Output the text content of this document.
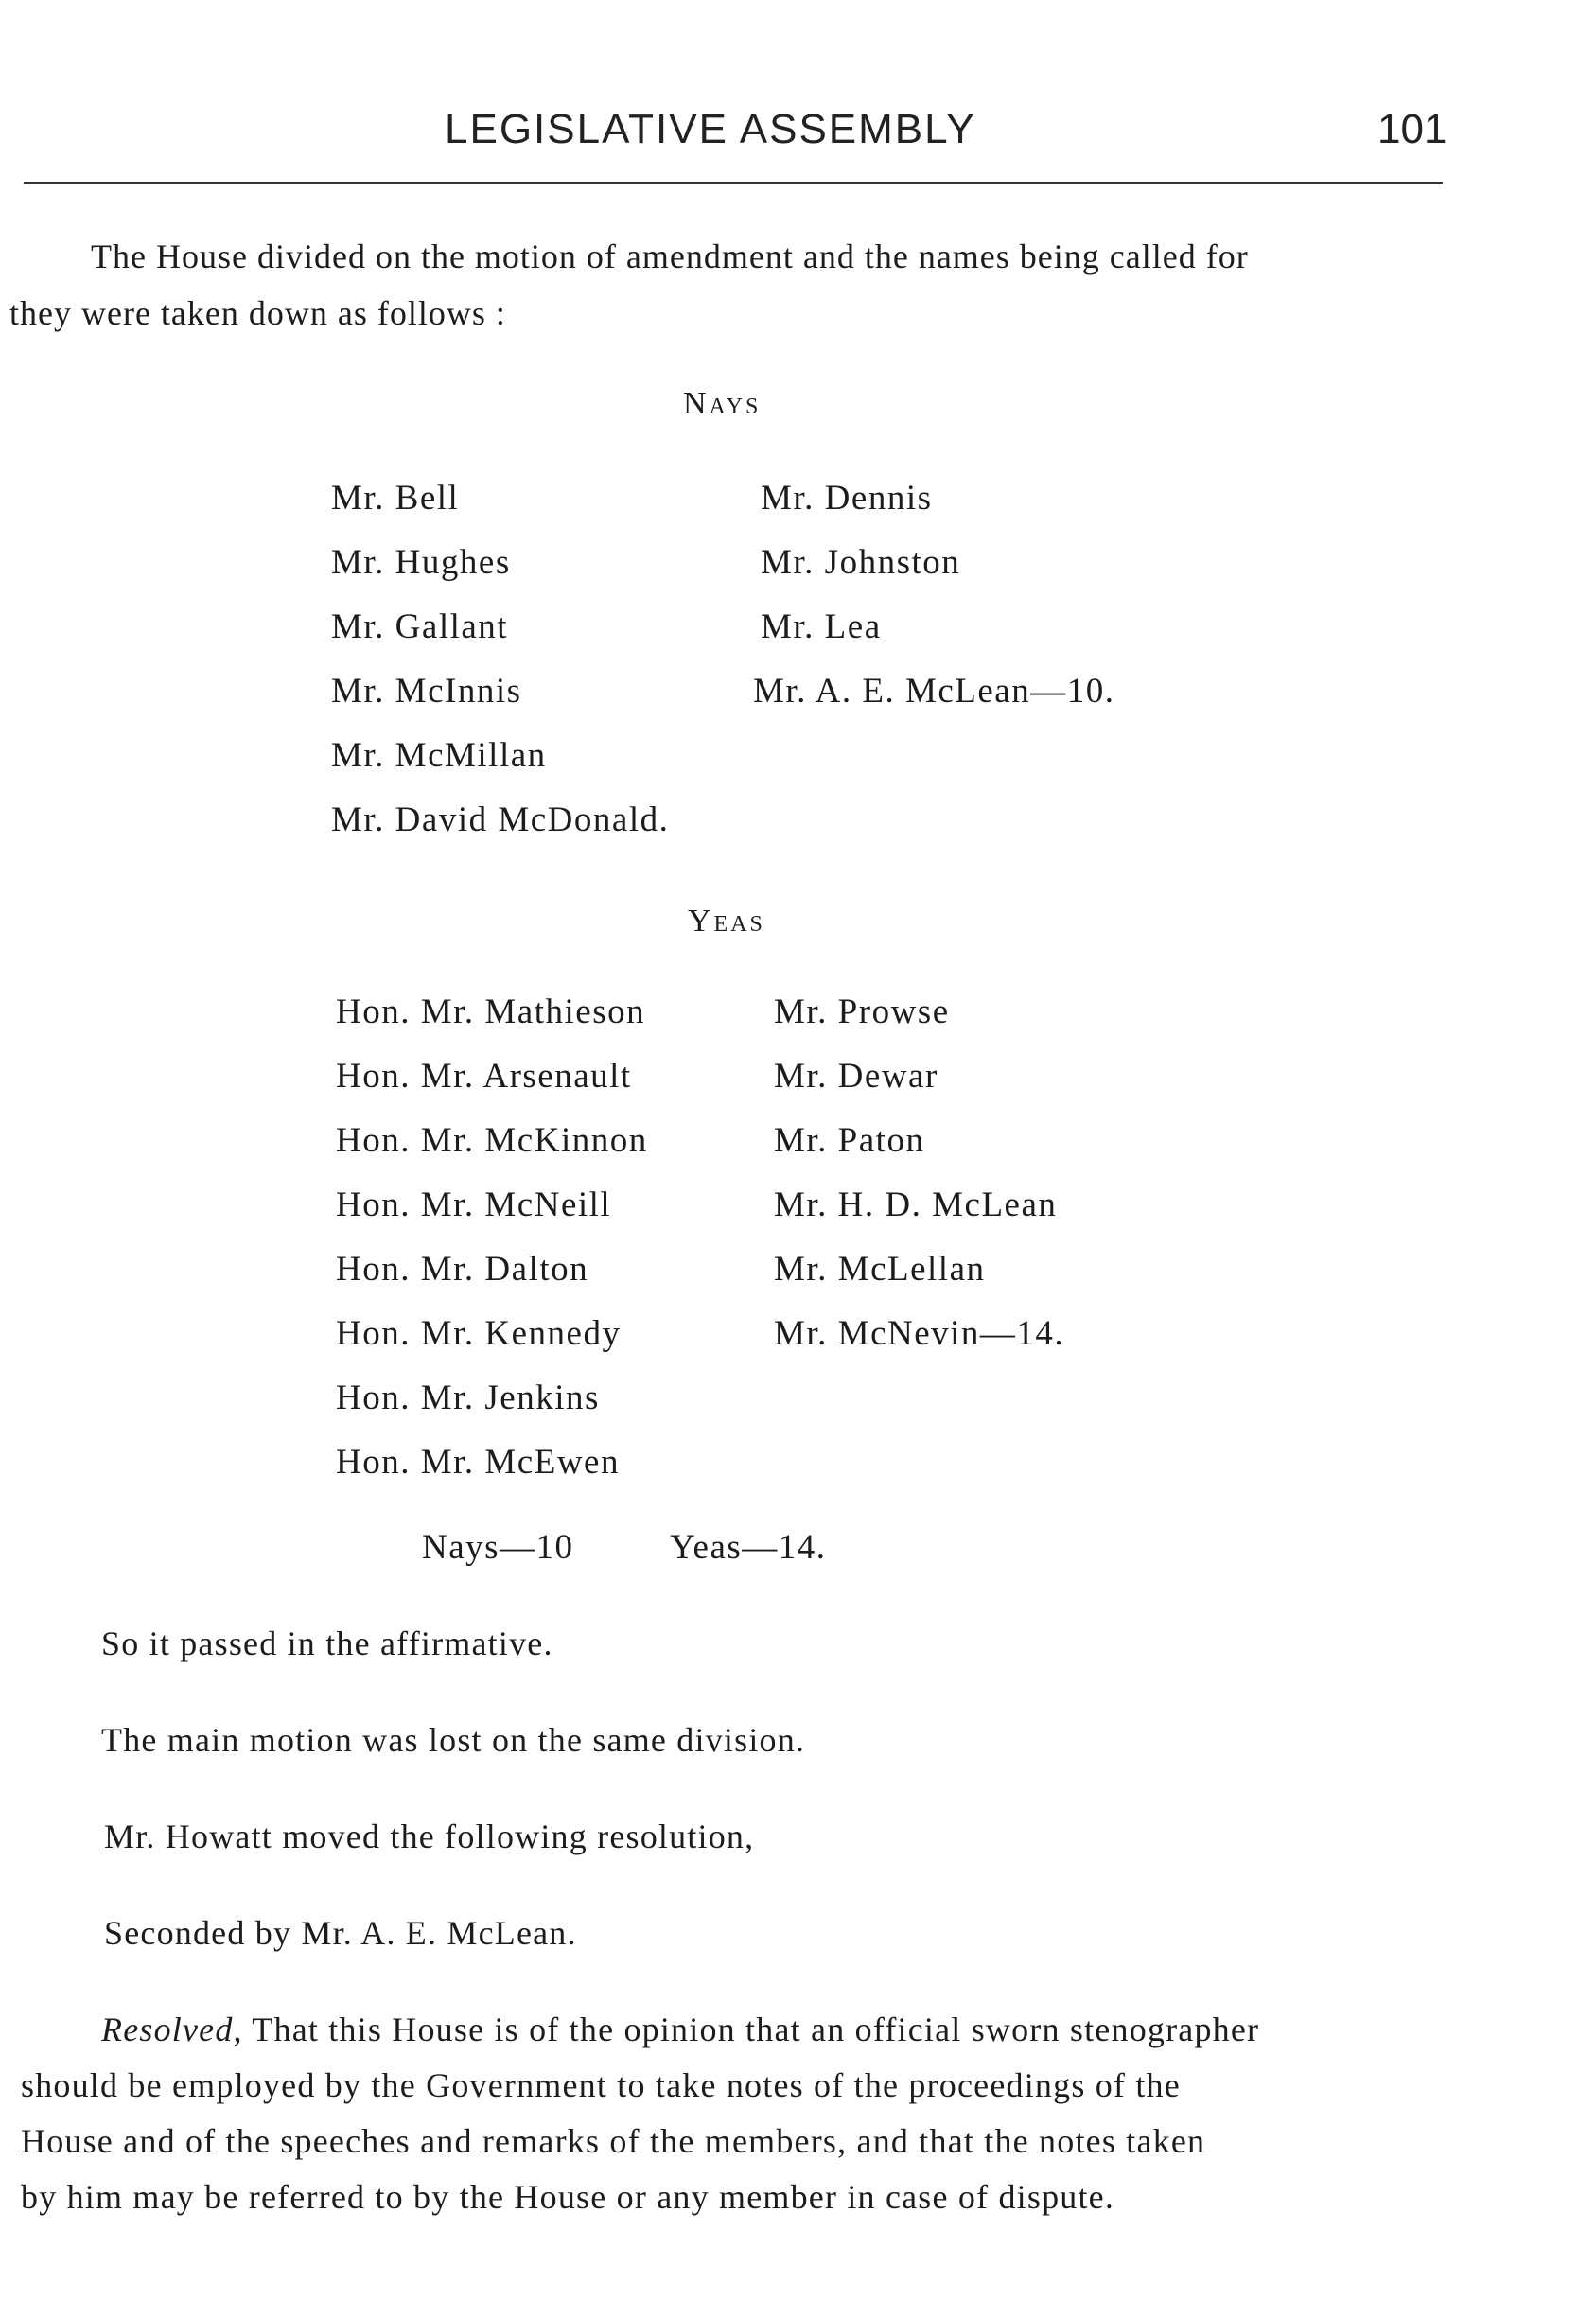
LEGISLATIVE ASSEMBLY	101
The House divided on the motion of amendment and the names being called for
they were taken down as follows :
Nays
Mr. Bell
Mr. Hughes
Mr. Gallant
Mr. McInnis
Mr. McMillan
Mr. David McDonald.
Mr. Dennis
Mr. Johnston
Mr. Lea
Mr. A. E. McLean—10.
Yeas
Hon. Mr. Mathieson
Hon. Mr. Arsenault
Hon. Mr. McKinnon
Hon. Mr. McNeill
Hon. Mr. Dalton
Hon. Mr. Kennedy
Hon. Mr. Jenkins
Hon. Mr. McEwen
Mr. Prowse
Mr. Dewar
Mr. Paton
Mr. H. D. McLean
Mr. McLellan
Mr. McNevin—14.
Nays—10	Yeas—14.
So it passed in the affirmative.
The main motion was lost on the same division.
Mr. Howatt moved the following resolution,
Seconded by Mr. A. E. McLean.
Resolved, That this House is of the opinion that an official sworn stenographer
should be employed by the Government to take notes of the proceedings of the
House and of the speeches and remarks of the members, and that the notes taken
by him may be referred to by the House or any member in case of dispute.
